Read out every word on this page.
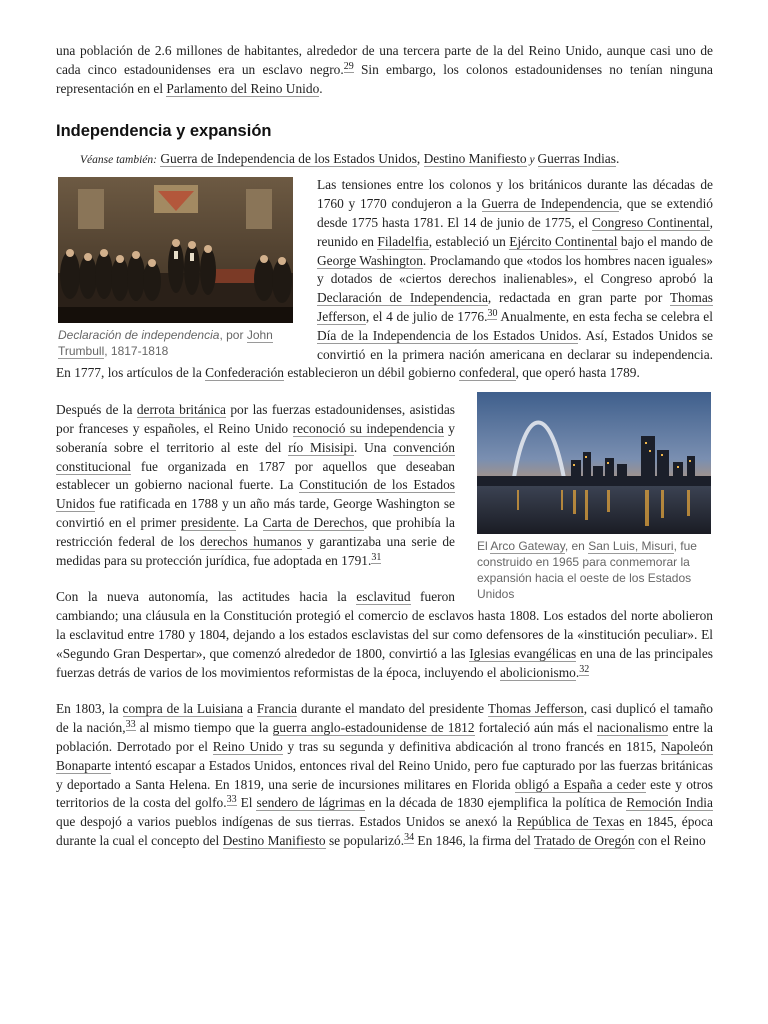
una población de 2.6 millones de habitantes, alrededor de una tercera parte de la del Reino Unido, aunque casi uno de cada cinco estadounidenses era un esclavo negro.$^{29}$ Sin embargo, los colonos estadounidenses no tenían ninguna representación en el Parlamento del Reino Unido.

Independencia y expansión
Véanse también: Guerra de Independencia de los Estados Unidos, Destino Manifiesto y Guerras Indias.
Declaración de independencia, por John Trumbull, 1817-1818

Las tensiones entre los colonos y los británicos durante las décadas de 1760 y 1770 condujeron a la Guerra de Independencia, que se extendió desde 1775 hasta 1781. El 14 de junio de 1775, el Congreso Continental, reunido en Filadelfia, estableció un Ejército Continental bajo el mando de George Washington. Proclamando que «todos los hombres nacen iguales» y dotados de «ciertos derechos inalienables», el Congreso aprobó la Declaración de Independencia, redactada en gran parte por Thomas Jefferson, el 4 de julio de 1776.30 Anualmente, en esta fecha se celebra el Día de la Independencia de los Estados Unidos. Así, Estados Unidos se convirtió en la primera nación americana en declarar su independencia. En 1777, los artículos de la Confederación establecieron un débil gobierno confederal, que operó hasta 1789.

El Arco Gateway, en San Luis, Misuri, fue construido en 1965 para conmemorar la expansión hacia el oeste de los Estados Unidos

Después de la derrota británica por las fuerzas estadounidenses, asistidas por franceses y españoles, el Reino Unido reconoció su independencia y soberanía sobre el territorio al este del río Misisipi. Una convención constitucional fue organizada en 1787 por aquellos que deseaban establecer un gobierno nacional fuerte. La Constitución de los Estados Unidos fue ratificada en 1788 y un año más tarde, George Washington se convirtió en el primer presidente. La Carta de Derechos, que prohibía la restricción federal de los derechos humanos y garantizaba una serie de medidas para su protección jurídica, fue adoptada en 1791.31

Con la nueva autonomía, las actitudes hacia la esclavitud fueron cambiando; una cláusula en la Constitución protegió el comercio de esclavos hasta 1808. Los estados del norte abolieron la esclavitud entre 1780 y 1804, dejando a los estados esclavistas del sur como defensores de la «institución peculiar». El «Segundo Gran Despertar», que comenzó alrededor de 1800, convirtió a las Iglesias evangélicas en una de las principales fuerzas detrás de varios de los movimientos reformistas de la época, incluyendo el abolicionismo.$^{32}$

En 1803, la compra de la Luisiana a Francia durante el mandato del presidente Thomas Jefferson, casi duplicó el tamaño de la nación,$^{33}$ al mismo tiempo que la guerra anglo-estadounidense de 1812 fortaleció aún más el nacionalismo entre la población. Derrotado por el Reino Unido y tras su segunda y definitiva abdicación al trono francés en 1815, Napoleón Bonaparte intentó escapar a Estados Unidos, entonces rival del Reino Unido, pero fue capturado por las fuerzas británicas y deportado a Santa Helena. En 1819, una serie de incursiones militares en Florida obligó a España a ceder este y otros territorios de la costa del golfo.$^{33}$ El sendero de lágrimas en la década de 1830 ejemplifica la política de Remoción India que despojó a varios pueblos indígenas de sus tierras. Estados Unidos se anexó la República de Texas en 1845, época durante la cual el concepto del Destino Manifiesto se popularizó.$^{34}$ En 1846, la firma del Tratado de Oregón con el Reino
